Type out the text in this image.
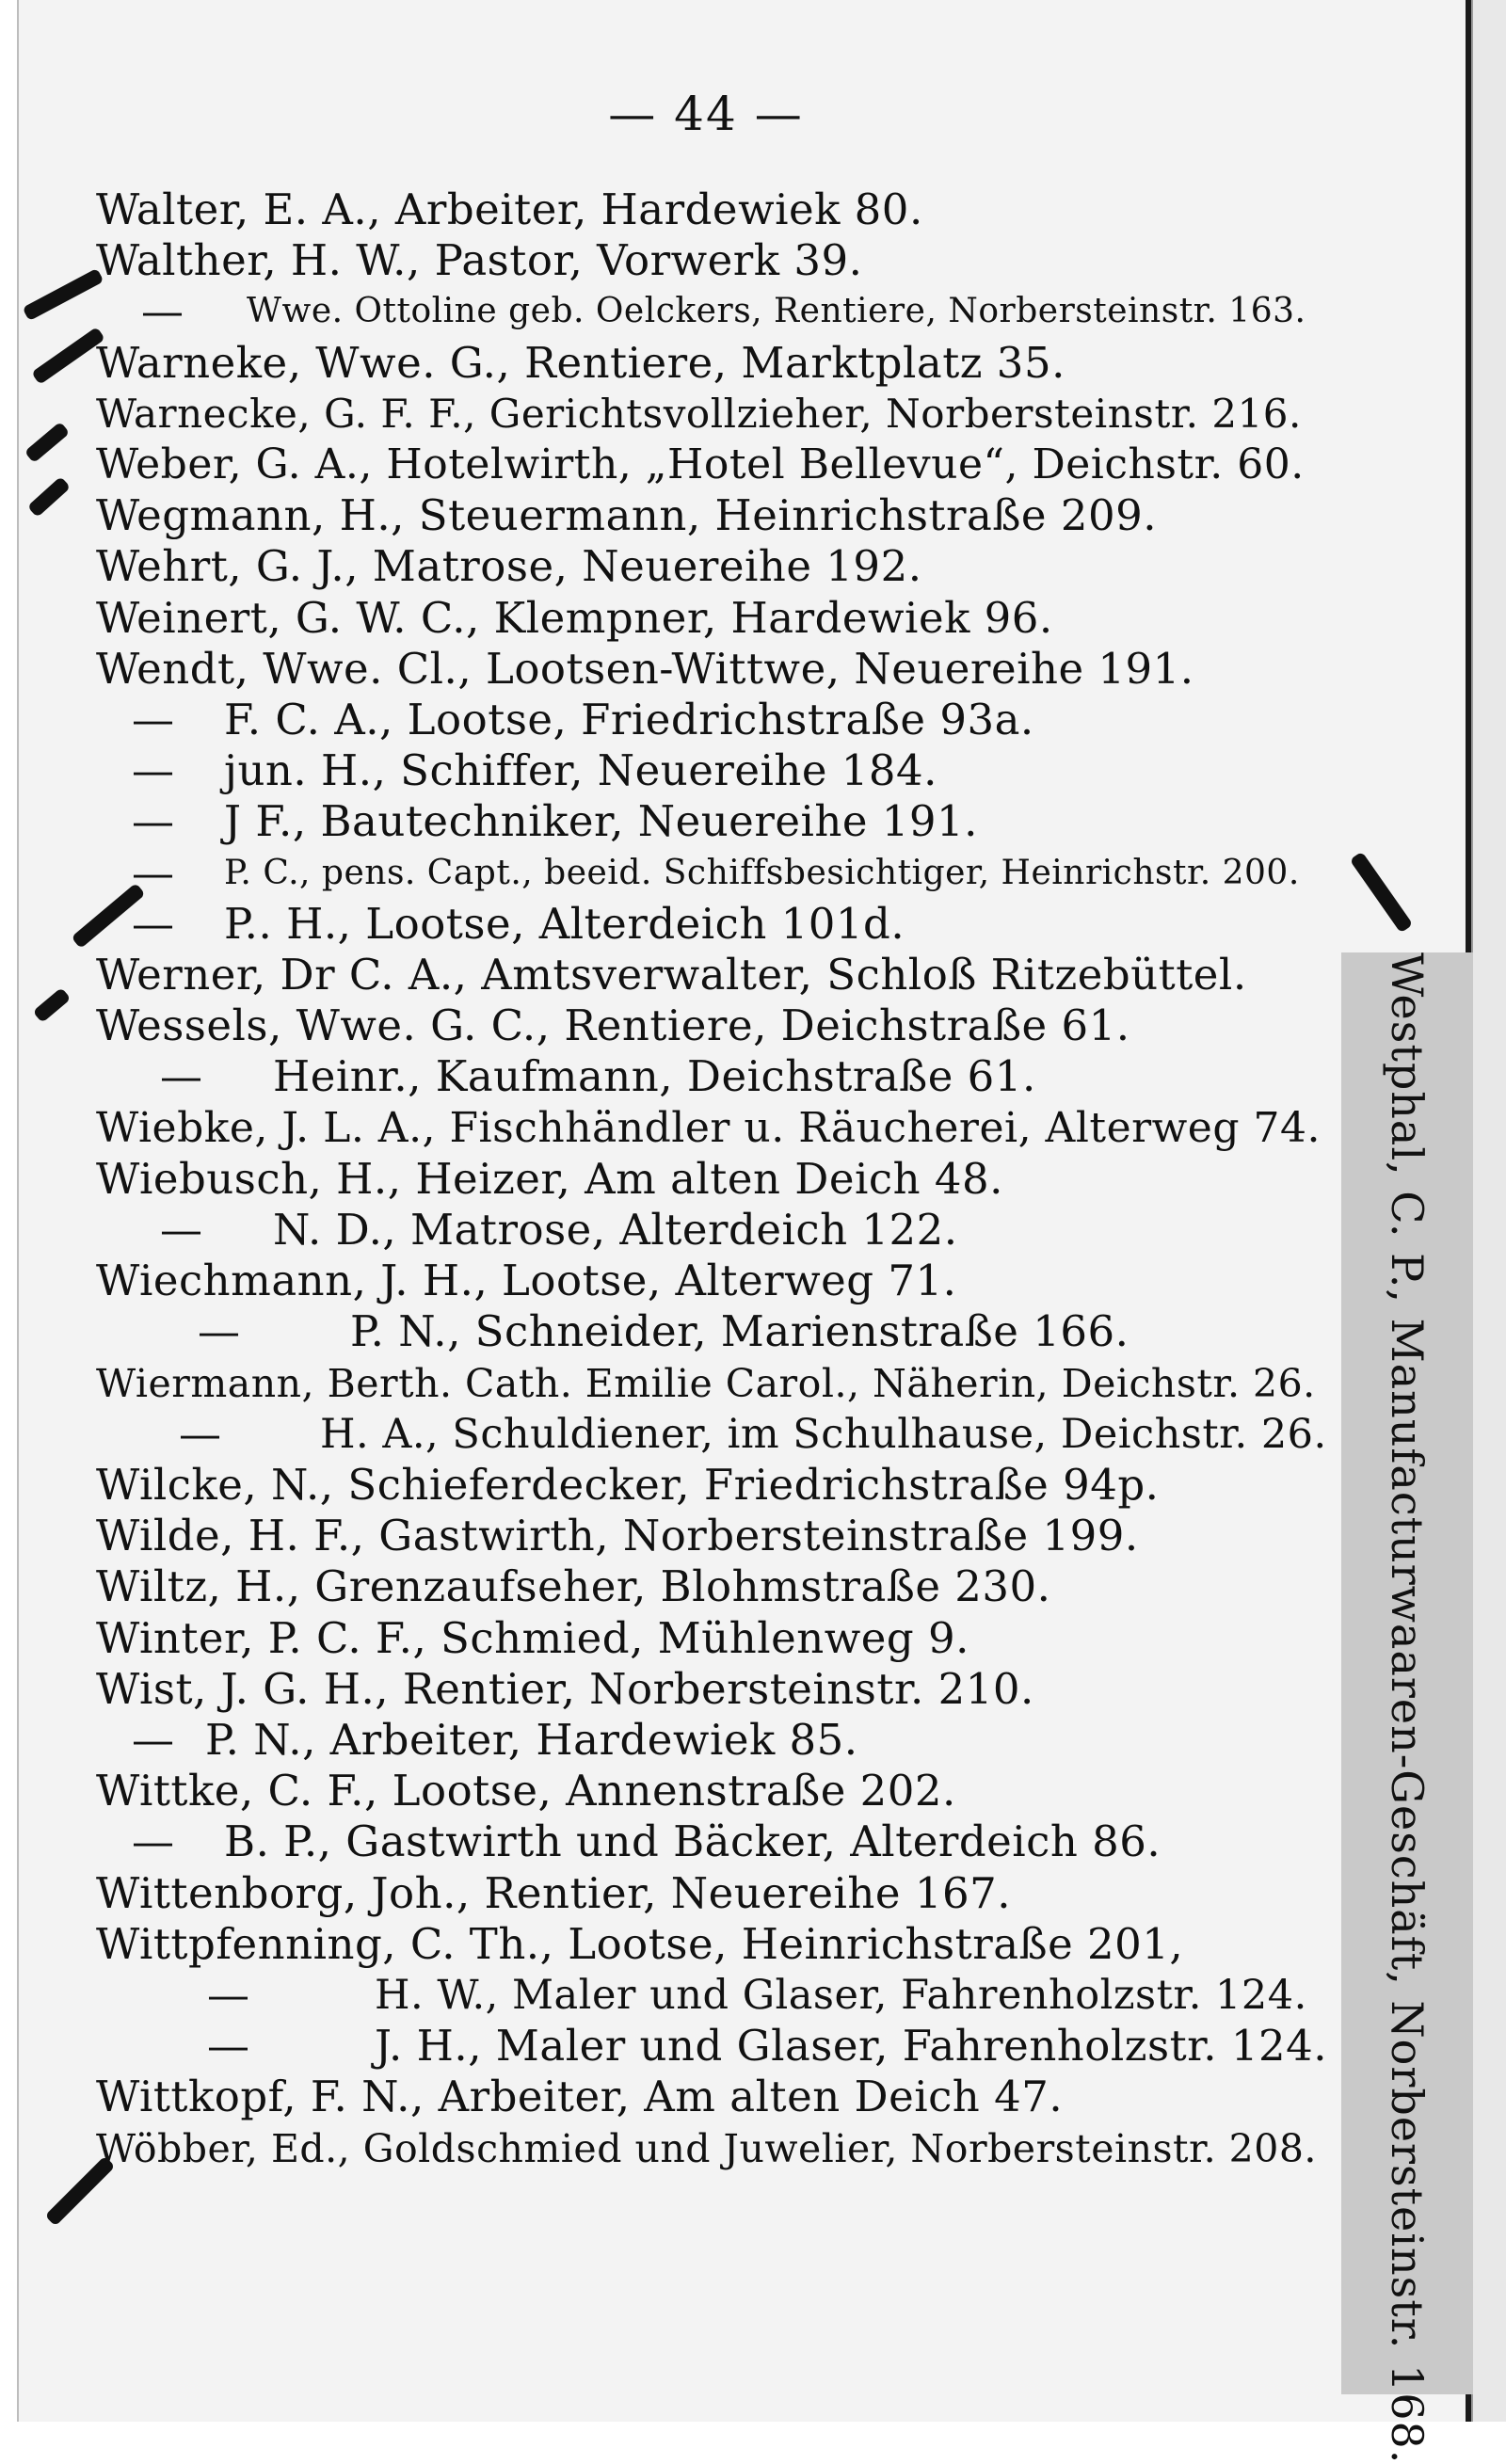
— 44 —
Walter, E. A., Arbeiter, Hardewiek 80.
Walther, H. W., Pastor, Vorwerk 39.
— Wwe. Ottoline geb. Oelckers, Rentiere, Norbersteinstr. 163.
Warneke, Wwe. G., Rentiere, Marktplatz 35.
Warnecke, G. F. F., Gerichtsvollzieher, Norbersteinstr. 216.
Weber, G. A., Hotelwirth, „Hotel Bellevue“, Deichstr. 60.
Wegmann, H., Steuermann, Heinrichstraße 209.
Wehrt, G. J., Matrose, Neuereihe 192.
Weinert, G. W. C., Klempner, Hardewiek 96.
Wendt, Wwe. Cl., Lootsen-Wittwe, Neuereihe 191.
— F. C. A., Lootse, Friedrichstraße 93a.
— jun. H., Schiffer, Neuereihe 184.
— J F., Bautechniker, Neuereihe 191.
— P. C., pens. Capt., beeid. Schiffsbesichtiger, Heinrichstr. 200.
— P.. H., Lootse, Alterdeich 101d.
Werner, Dr C. A., Amtsverwalter, Schloß Ritzebüttel.
Wessels, Wwe. G. C., Rentiere, Deichstraße 61.
— Heinr., Kaufmann, Deichstraße 61.
Wiebke, J. L. A., Fischhändler u. Räucherei, Alterweg 74.
Wiebusch, H., Heizer, Am alten Deich 48.
— N. D., Matrose, Alterdeich 122.
Wiechmann, J. H., Lootse, Alterweg 71.
—	P. N., Schneider, Marienstraße 166.
Wiermann, Berth. Cath. Emilie Carol., Näherin, Deichstr. 26.
— H. A., Schuldiener, im Schulhause, Deichstr. 26.
Wilcke, N., Schieferdecker, Friedrichstraße 94p.
Wilde, H. F., Gastwirth, Norbersteinstraße 199.
Wiltz, H., Grenzaufseher, Blohmstraße 230.
Winter, P. C. F., Schmied, Mühlenweg 9.
Wist, J. G. H., Rentier, Norbersteinstr. 210.
— P. N., Arbeiter, Hardewiek 85.
Wittke, C. F., Lootse, Annenstraße 202.
— B. P., Gastwirth und Bäcker, Alterdeich 86.
Wittenborg, Joh., Rentier, Neuereihe 167.
Wittpfenning, C. Th., Lootse, Heinrichstraße 201,
—	H. W., Maler und Glaser, Fahrenholzstr. 124.
—	J. H., Maler und Glaser, Fahrenholzstr. 124.
Wittkopf, F. N., Arbeiter, Am alten Deich 47.
Wöbber, Ed., Goldschmied und Juwelier, Norbersteinstr. 208.	Westphal, C. P., Manufacturwaaren-Geschäft, Norbersteinstr. 168.
